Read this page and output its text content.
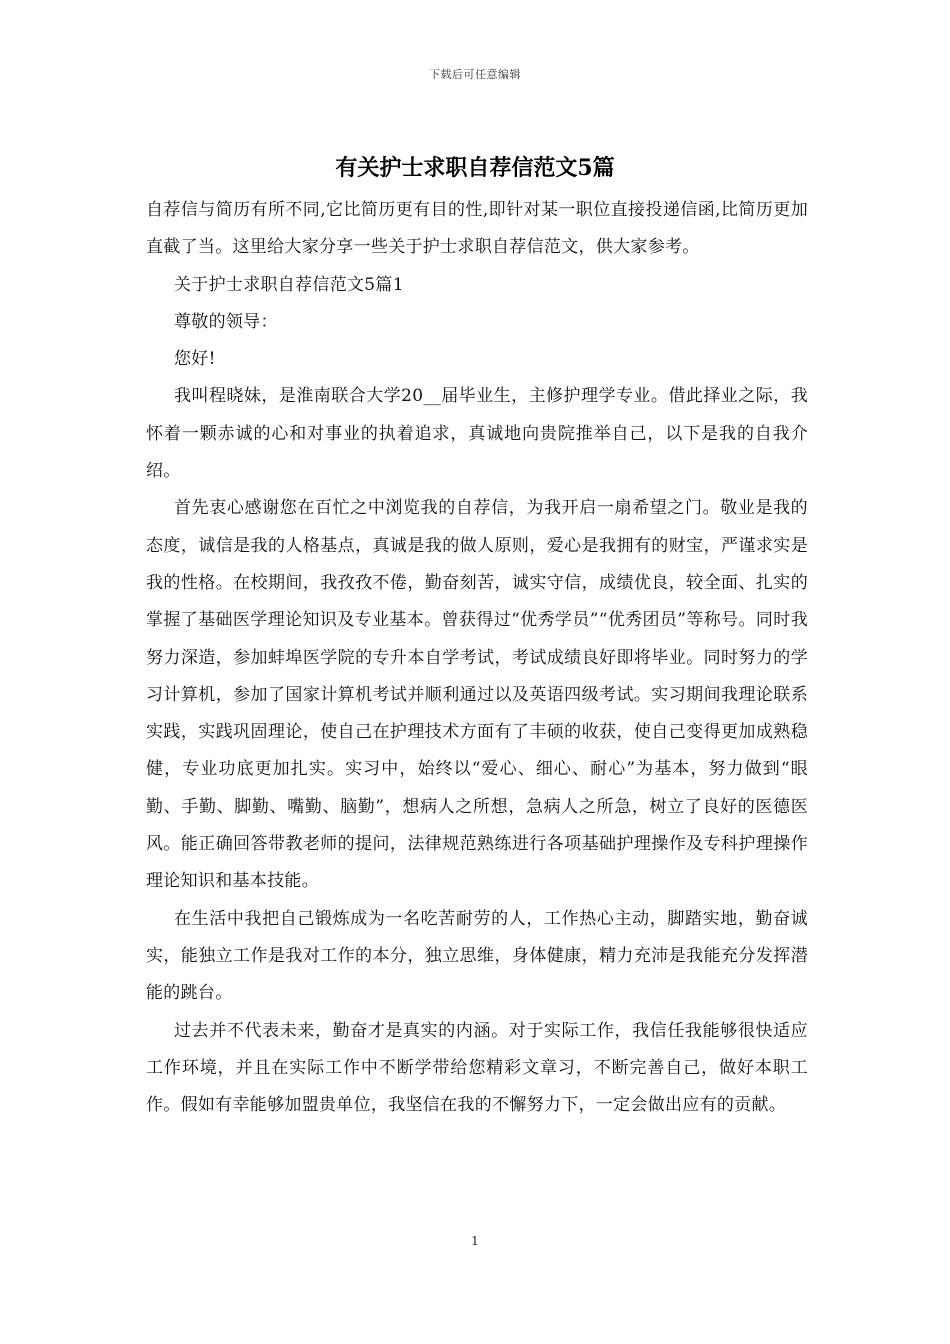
下载后可任意编辑
有关护士求职自荐信范文5篇

自荐信与简历有所不同,它比简历更有目的性,即针对某一职位直接投递信函,比简历更加直截了当。这里给大家分享一些关于护士求职自荐信范文，供大家参考。

关于护士求职自荐信范文5篇1

尊敬的领导：

您好!

我叫程晓妹，是淮南联合大学20__届毕业生，主修护理学专业。借此择业之际，我怀着一颗赤诚的心和对事业的执着追求，真诚地向贵院推举自己，以下是我的自我介绍。

首先衷心感谢您在百忙之中浏览我的自荐信，为我开启一扇希望之门。敬业是我的态度，诚信是我的人格基点，真诚是我的做人原则，爱心是我拥有的财宝，严谨求实是我的性格。在校期间，我孜孜不倦，勤奋刻苦，诚实守信，成绩优良，较全面、扎实的掌握了基础医学理论知识及专业基本。曾获得过“优秀学员”“优秀团员”等称号。同时我努力深造，参加蚌埠医学院的专升本自学考试，考试成绩良好即将毕业。同时努力的学习计算机，参加了国家计算机考试并顺利通过以及英语四级考试。实习期间我理论联系实践，实践巩固理论，使自己在护理技术方面有了丰硕的收获，使自己变得更加成熟稳健，专业功底更加扎实。实习中，始终以“爱心、细心、耐心”为基本，努力做到“眼勤、手勤、脚勤、嘴勤、脑勤”，想病人之所想，急病人之所急，树立了良好的医德医风。能正确回答带教老师的提问，法律规范熟练进行各项基础护理操作及专科护理操作理论知识和基本技能。

在生活中我把自己锻炼成为一名吃苦耐劳的人，工作热心主动，脚踏实地，勤奋诚实，能独立工作是我对工作的本分，独立思维，身体健康，精力充沛是我能充分发挥潜能的跳台。

过去并不代表未来，勤奋才是真实的内涵。对于实际工作，我信任我能够很快适应工作环境，并且在实际工作中不断学带给您精彩文章习，不断完善自己，做好本职工作。假如有幸能够加盟贵单位，我坚信在我的不懈努力下，一定会做出应有的贡献。

1
